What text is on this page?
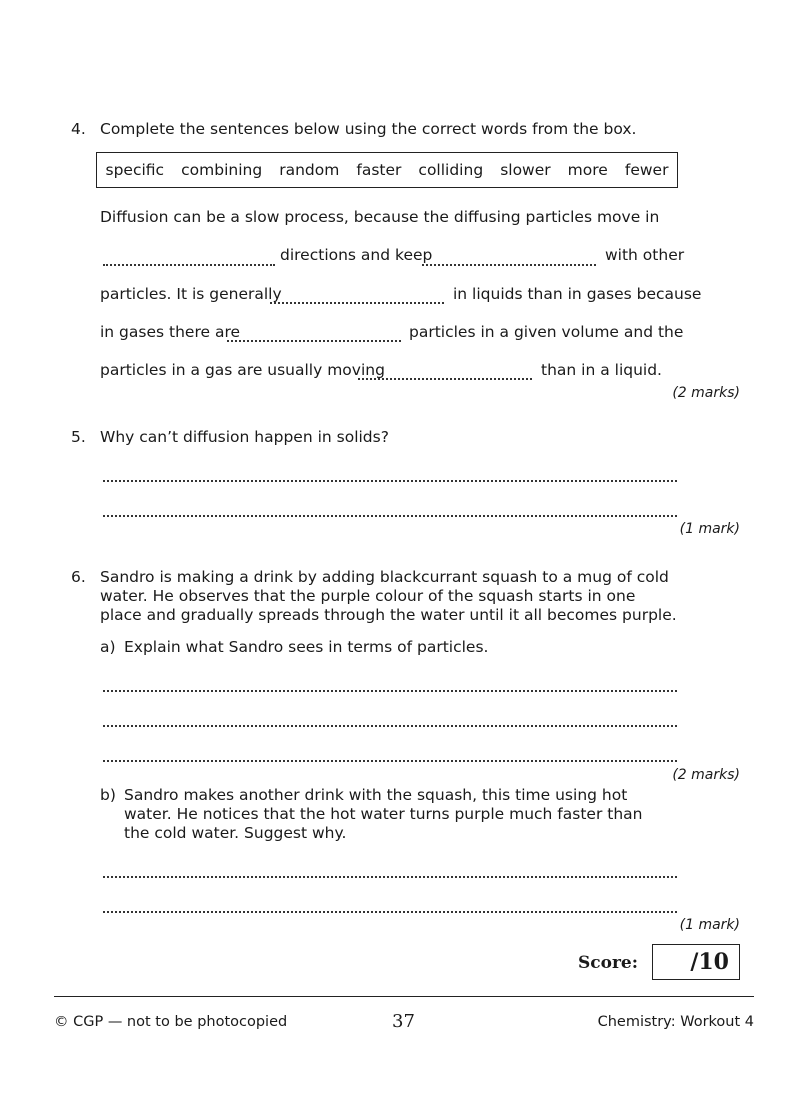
4. Complete the sentences below using the correct words from the box.
specific combining random faster colliding slower more fewer
Diffusion can be a slow process, because the diffusing particles move in
directions and keep	with other
particles. It is generally	in liquids than in gases because
in gases there are	particles in a given volume and the
particles in a gas are usually moving	than in a liquid.
(2 marks)
5. Why can’t diffusion happen in solids?
(1 mark)
6. Sandro is making a drink by adding blackcurrant squash to a mug of cold water. He observes that the purple colour of the squash starts in one place and gradually spreads through the water until it all becomes purple.
a) Explain what Sandro sees in terms of particles.
(2 marks)
b) Sandro makes another drink with the squash, this time using hot water. He notices that the hot water turns purple much faster than the cold water. Suggest why.
(1 mark)
Score: /10
© CGP — not to be photocopied	37	Chemistry: Workout 4
